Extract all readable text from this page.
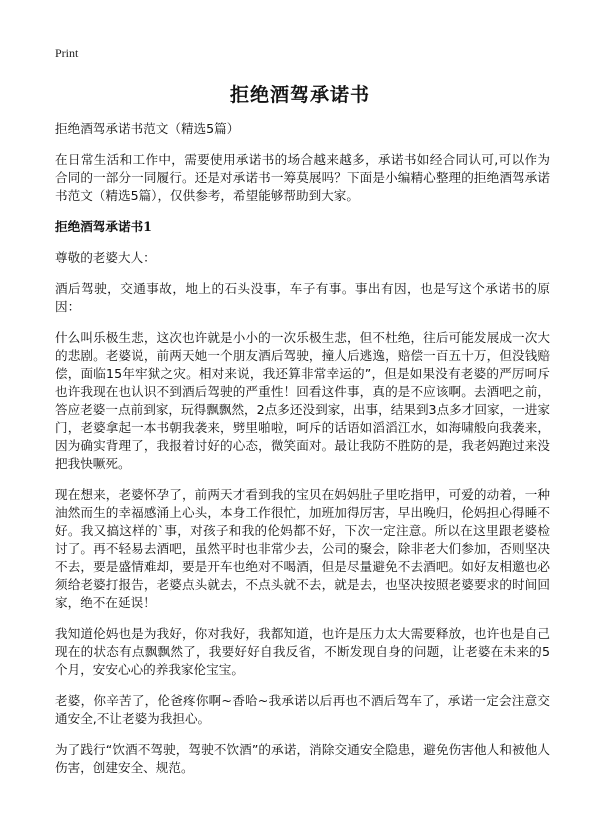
Print
拒绝酒驾承诺书

拒绝酒驾承诺书范文（精选5篇）

在日常生活和工作中，需要使用承诺书的场合越来越多，承诺书如经合同认可,可以作为合同的一部分一同履行。还是对承诺书一筹莫展吗？下面是小编精心整理的拒绝酒驾承诺书范文（精选5篇），仅供参考，希望能够帮助到大家。

拒绝酒驾承诺书1

尊敬的老婆大人：

酒后驾驶，交通事故，地上的石头没事，车子有事。事出有因，也是写这个承诺书的原因：

什么叫乐极生悲，这次也许就是小小的一次乐极生悲，但不杜绝，往后可能发展成一次大的悲剧。老婆说，前两天她一个朋友酒后驾驶，撞人后逃逸，赔偿一百五十万，但没钱赔偿，面临15年牢狱之灾。相对来说，我还算非常幸运的”，但是如果没有老婆的严厉呵斥也许我现在也认识不到酒后驾驶的严重性！回看这件事，真的是不应该啊。去酒吧之前，答应老婆一点前到家，玩得飘飘然，2点多还没到家，出事，结果到3点多才回家，一进家门，老婆拿起一本书朝我袭来，劈里啪啦，呵斥的话语如滔滔江水，如海啸般向我袭来，因为确实背理了，我报着讨好的心态，微笑面对。最让我防不胜防的是，我老妈跑过来没把我快噘死。

现在想来，老婆怀孕了，前两天才看到我的宝贝在妈妈肚子里吃指甲，可爱的动着，一种油然而生的幸福感涌上心头，本身工作很忙，加班加得厉害，早出晚归，伦妈担心得睡不好。我又搞这样的`事，对孩子和我的伦妈都不好，下次一定注意。所以在这里跟老婆检讨了。再不轻易去酒吧，虽然平时也非常少去，公司的聚会，除非老大们参加，否则坚决不去，要是盛情难却，要是开车也绝对不喝酒，但是尽量避免不去酒吧。如好友相邀也必须给老婆打报告，老婆点头就去，不点头就不去，就是去，也坚决按照老婆要求的时间回家，绝不在延误！

我知道伦妈也是为我好，你对我好，我都知道，也许是压力太大需要释放，也许也是自己现在的状态有点飘飘然了，我要好好自我反省，不断发现自身的问题，让老婆在未来的5个月，安安心心的养我家伦宝宝。

老婆，你辛苦了，伦爸疼你啊~香哈~我承诺以后再也不酒后驾车了，承诺一定会注意交通安全,不让老婆为我担心。

为了践行“饮酒不驾驶，驾驶不饮酒”的承诺，消除交通安全隐患，避免伤害他人和被他人伤害，创建安全、规范。
